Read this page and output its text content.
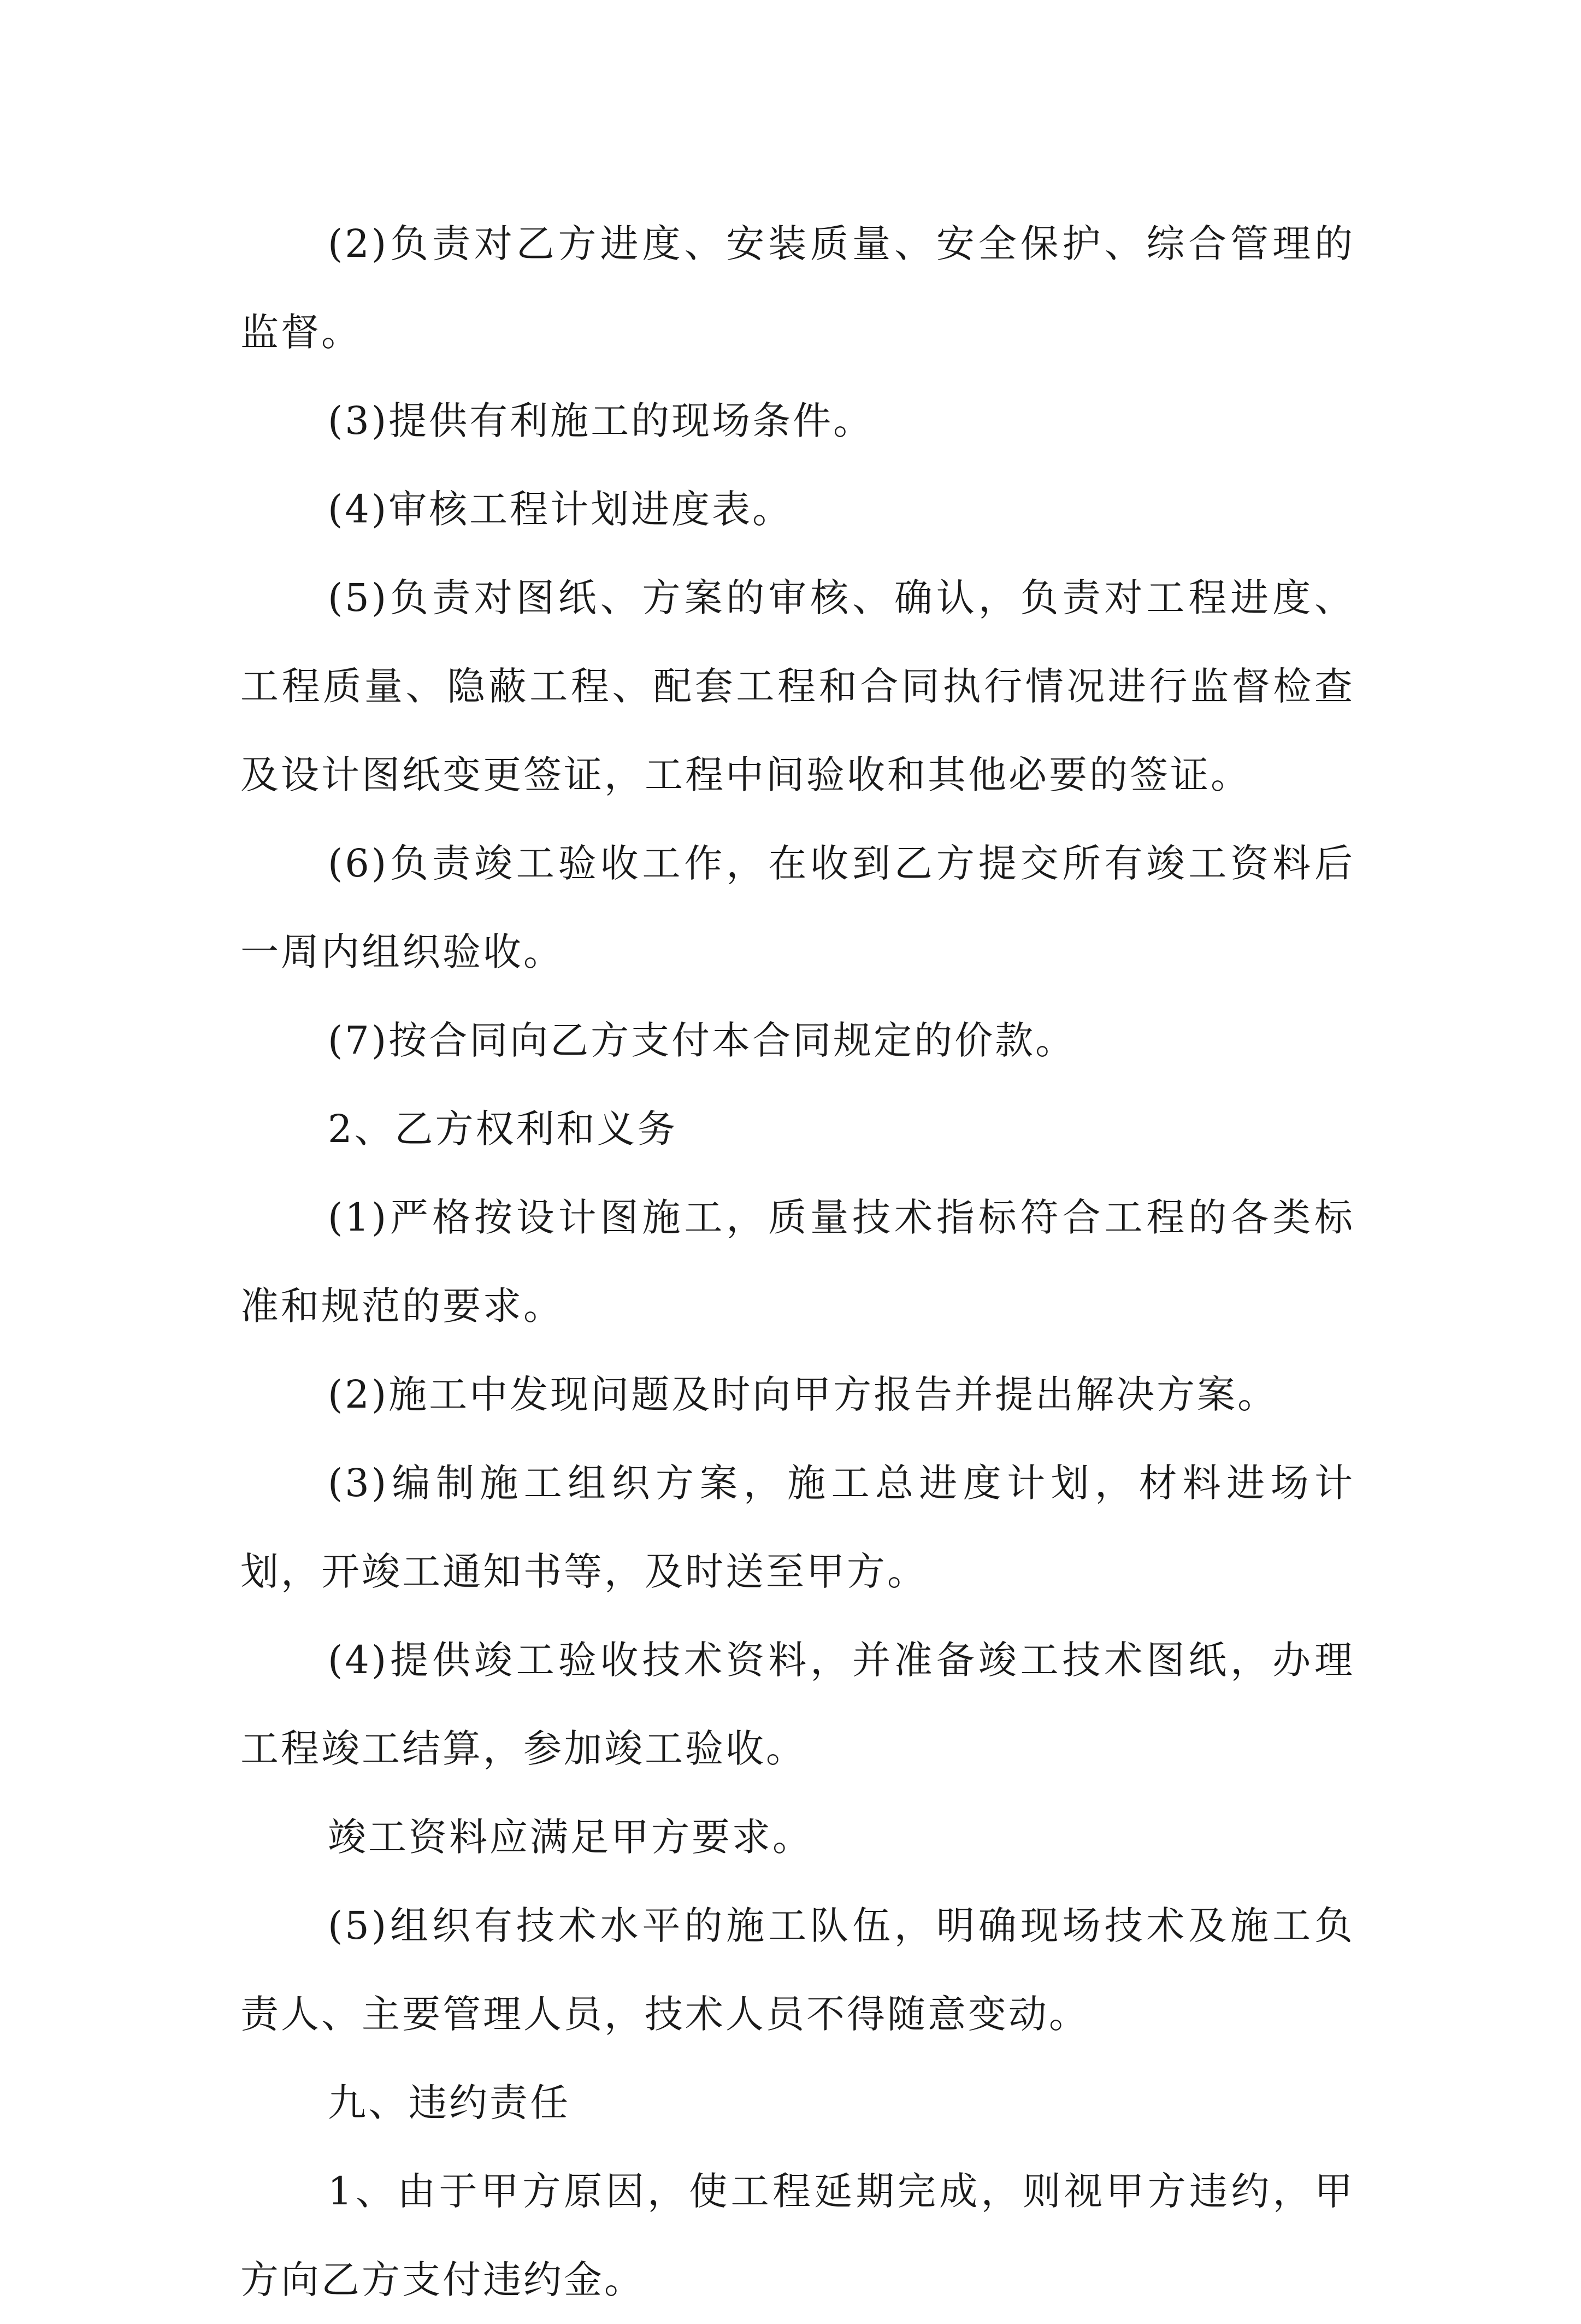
(2)负责对乙方进度、安装质量、安全保护、综合管理的监督。

(3)提供有利施工的现场条件。

(4)审核工程计划进度表。

(5)负责对图纸、方案的审核、确认，负责对工程进度、工程质量、隐蔽工程、配套工程和合同执行情况进行监督检查及设计图纸变更签证，工程中间验收和其他必要的签证。

(6)负责竣工验收工作，在收到乙方提交所有竣工资料后一周内组织验收。

(7)按合同向乙方支付本合同规定的价款。

2、乙方权利和义务

(1)严格按设计图施工，质量技术指标符合工程的各类标准和规范的要求。

(2)施工中发现问题及时向甲方报告并提出解决方案。

(3)编制施工组织方案，施工总进度计划，材料进场计划，开竣工通知书等，及时送至甲方。

(4)提供竣工验收技术资料，并准备竣工技术图纸，办理工程竣工结算，参加竣工验收。

竣工资料应满足甲方要求。

(5)组织有技术水平的施工队伍，明确现场技术及施工负责人、主要管理人员，技术人员不得随意变动。

九、违约责任

1、由于甲方原因，使工程延期完成，则视甲方违约，甲方向乙方支付违约金。
